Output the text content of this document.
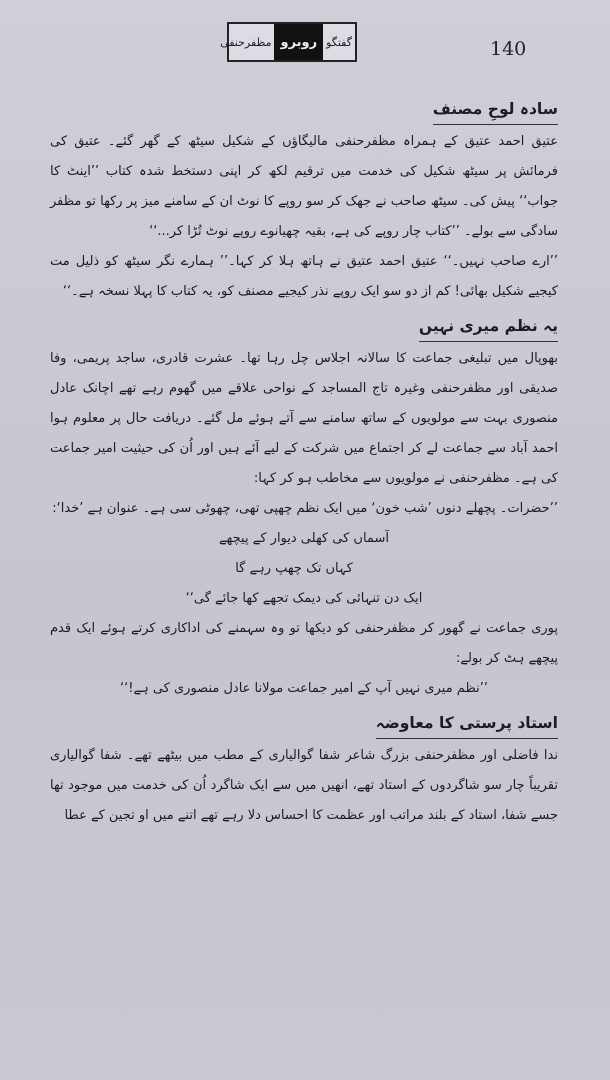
گفتگو
روبرو
مظفرحنفی	140
سادہ لوحِ مصنف

عتیق احمد عتیق کے ہمراہ مظفرحنفی مالیگاؤں کے شکیل سیٹھ کے گھر گئے۔ عتیق کی فرمائش پر سیٹھ شکیل کی خدمت میں ترقیم لکھ کر اپنی دستخط شدہ کتاب ’’اینٹ کا جواب‘‘ پیش کی۔ سیٹھ صاحب نے جھک کر سو روپے کا نوٹ ان کے سامنے میز پر رکھا تو مظفر سادگی سے بولے۔ ’’کتاب چار روپے کی ہے، بقیہ چھیانوے روپے نوٹ تُڑا کر...‘‘

’’ارے صاحب نہیں۔‘‘ عتیق احمد عتیق نے ہاتھ ہلا کر کہا۔’’ ہمارے نگر سیٹھ کو ذلیل مت کیجیے شکیل بھائی! کم از دو سو ایک روپے نذر کیجیے مصنف کو، یہ کتاب کا پہلا نسخہ ہے۔‘‘

یہ نظم میری نہیں

بھوپال میں تبلیغی جماعت کا سالانہ اجلاس چل رہا تھا۔ عشرت قادری، ساجد پریمی، وفا صدیقی اور مظفرحنفی وغیرہ تاج المساجد کے نواحی علاقے میں گھوم رہے تھے اچانک عادل منصوری بہت سے مولویوں کے ساتھ سامنے سے آتے ہوئے مل گئے۔ دریافت حال پر معلوم ہوا احمد آباد سے جماعت لے کر اجتماع میں شرکت کے لیے آئے ہیں اور اُن کی حیثیت امیر جماعت کی ہے۔ مظفرحنفی نے مولویوں سے مخاطب ہو کر کہا:

’’حضرات۔ پچھلے دنوں ’شب خون‘ میں ایک نظم چھپی تھی، چھوٹی سی ہے۔ عنوان ہے ’خدا‘:

آسماں کی کھلی دیوار کے پیچھے

کہاں تک چھپ رہے گا

ایک دن تنہائی کی دیمک تجھے کھا جائے گی‘‘

پوری جماعت نے گھور کر مظفرحنفی کو دیکھا تو وہ سہمنے کی اداکاری کرتے ہوئے ایک قدم پیچھے ہٹ کر بولے:

’’نظم میری نہیں آپ کے امیر جماعت مولانا عادل منصوری کی ہے!‘‘

استاد پرستی کا معاوضہ

ندا فاضلی اور مظفرحنفی بزرگ شاعر شفا گوالیاری کے مطب میں بیٹھے تھے۔ شفا گوالیاری تقریباً چار سو شاگردوں کے استاد تھے، انھیں میں سے ایک شاگرد اُن کی خدمت میں موجود تھا جسے شفا، استاد کے بلند مراتب اور عظمت کا احساس دلا رہے تھے اتنے میں او تجین کے عطا
